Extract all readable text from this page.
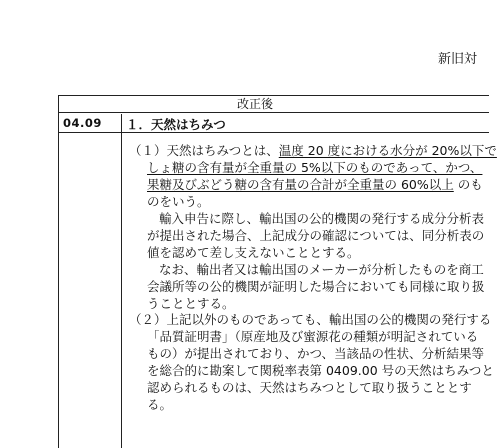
新旧対
改正後
04.09 １．天然はちみつ
（１）天然はちみつとは、温度 20 度における水分が 20%以下で
しょ糖の含有量が全重量の 5%以下のものであって、かつ、
果糖及びぶどう糖の含有量の合計が全重量の 60%以上 のも
のをいう。
輸入申告に際し、輸出国の公的機関の発行する成分分析表
が提出された場合、上記成分の確認については、同分析表の
値を認めて差し支えないこととする。
なお、輸出者又は輸出国のメーカーが分析したものを商工
会議所等の公的機関が証明した場合においても同様に取り扱
うこととする。
（２）上記以外のものであっても、輸出国の公的機関の発行する
「品質証明書」（原産地及び蜜源花の種類が明記されている
もの）が提出されており、かつ、当該品の性状、分析結果等
を総合的に勘案して関税率表第 0409.00 号の天然はちみつと
認められるものは、天然はちみつとして取り扱うこととす
る。
